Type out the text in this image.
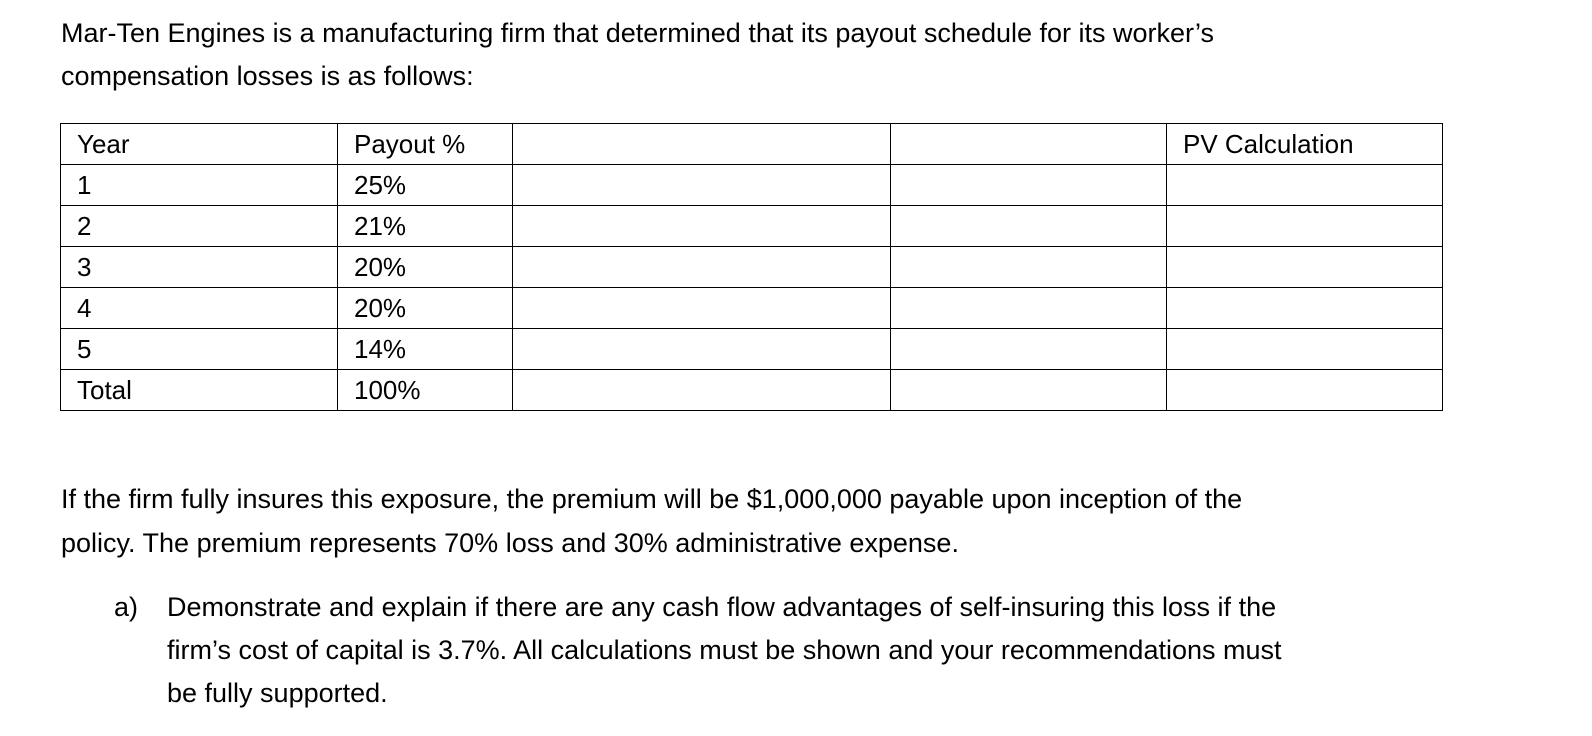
Mar-Ten Engines is a manufacturing firm that determined that its payout schedule for its worker’s
compensation losses is as follows:
Year	Payout %			PV Calculation
1	25%			
2	21%			
3	20%			
4	20%			
5	14%			
Total	100%			
If the firm fully insures this exposure, the premium will be $1,000,000 payable upon inception of the
policy. The premium represents 70% loss and 30% administrative expense.
a) Demonstrate and explain if there are any cash flow advantages of self-insuring this loss if the
firm’s cost of capital is 3.7%. All calculations must be shown and your recommendations must
be fully supported.
